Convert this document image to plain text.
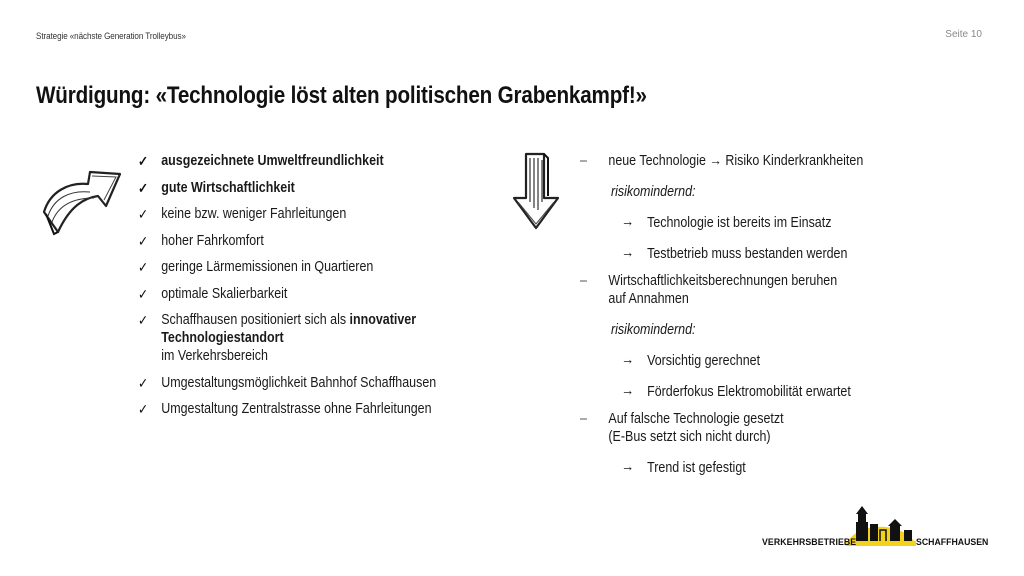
Strategie «nächste Generation Trolleybus»	Seite 10
Würdigung: «Technologie löst alten politischen Grabenkampf!»
✓ ausgezeichnete Umweltfreundlichkeit
✓ gute Wirtschaftlichkeit
✓ keine bzw. weniger Fahrleitungen
✓ hoher Fahrkomfort
✓ geringe Lärmemissionen in Quartieren
✓ optimale Skalierbarkeit
✓ Schaffhausen positioniert sich als innovativer Technologiestandort
im Verkehrsbereich
✓ Umgestaltungsmöglichkeit Bahnhof Schaffhausen
✓ Umgestaltung Zentralstrasse ohne Fahrleitungen
– neue Technologie → Risiko Kinderkrankheiten
risikomindernd:
→ Technologie ist bereits im Einsatz
→ Testbetrieb muss bestanden werden
– Wirtschaftlichkeitsberechnungen beruhen
auf Annahmen
risikomindernd:
→ Vorsichtig gerechnet
→ Förderfokus Elektromobilität erwartet
– Auf falsche Technologie gesetzt
(E-Bus setzt sich nicht durch)
→ Trend ist gefestigt
VERKEHRSBETRIEBE	SCHAFFHAUSEN
